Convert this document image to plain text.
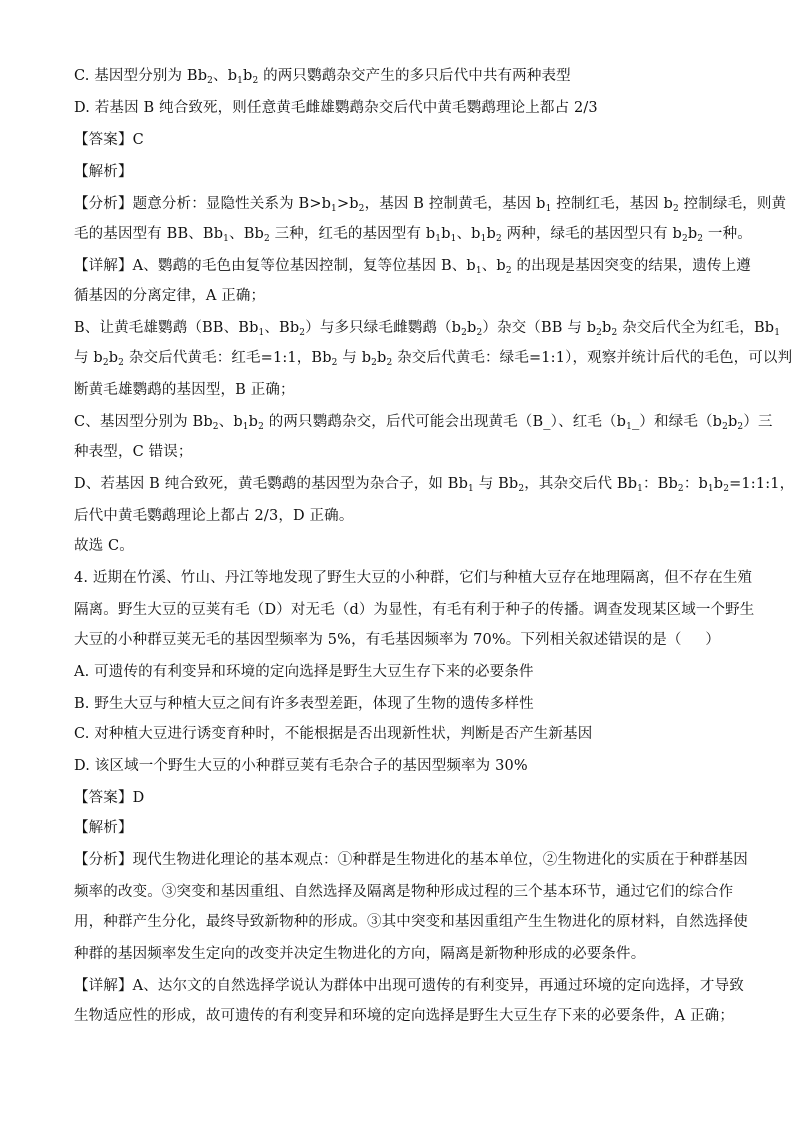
C. 基因型分别为 $Bb_2$、$b_1b_2$ 的两只鹦鹉杂交产生的多只后代中共有两种表型
D. 若基因 B 纯合致死，则任意黄毛雌雄鹦鹉杂交后代中黄毛鹦鹉理论上都占 2/3
【答案】C
【解析】
【分析】题意分析：显隐性关系为 $B>b_1>b_2$，基因 B 控制黄毛，基因 $b_1$ 控制红毛，基因 $b_2$ 控制绿毛，则黄
毛的基因型有 BB、$Bb_1$、$Bb_2$ 三种，红毛的基因型有 $b_1b_1$、$b_1b_2$ 两种，绿毛的基因型只有 $b_2b_2$ 一种。
【详解】A、鹦鹉的毛色由复等位基因控制，复等位基因 B、$b_1$、$b_2$ 的出现是基因突变的结果，遗传上遵
循基因的分离定律，A 正确；
B、让黄毛雄鹦鹉（BB、$Bb_1$、$Bb_2$）与多只绿毛雌鹦鹉$(b_2b_2)$杂交（BB 与 $b_2b_2$ 杂交后代全为红毛，$Bb_1$
与 $b_2b_2$ 杂交后代黄毛：红毛=1:1，$Bb_2$ 与 $b_2b_2$ 杂交后代黄毛：绿毛=1:1），观察并统计后代的毛色，可以判
断黄毛雄鹦鹉的基因型，B 正确；
C、基因型分别为 $Bb_2$、$b_1b_2$ 的两只鹦鹉杂交，后代可能会出现黄毛（B_）、红毛$(b_1\_)$和绿毛$(b_2b_2)$三
种表型，C 错误；
D、若基因 B 纯合致死，黄毛鹦鹉的基因型为杂合子，如 $Bb_1$ 与 $Bb_2$，其杂交后代 $Bb_1$：$Bb_2$：$b_1b_2=1:1:1$，
后代中黄毛鹦鹉理论上都占 2/3，D 正确。
故选 C。
4. 近期在竹溪、竹山、丹江等地发现了野生大豆的小种群，它们与种植大豆存在地理隔离，但不存在生殖
隔离。野生大豆的豆荚有毛（D）对无毛（d）为显性，有毛有利于种子的传播。调查发现某区域一个野生
大豆的小种群豆荚无毛的基因型频率为 5%，有毛基因频率为 70%。下列相关叙述错误的是（     ）
A. 可遗传的有利变异和环境的定向选择是野生大豆生存下来的必要条件
B. 野生大豆与种植大豆之间有许多表型差距，体现了生物的遗传多样性
C. 对种植大豆进行诱变育种时，不能根据是否出现新性状，判断是否产生新基因
D. 该区域一个野生大豆的小种群豆荚有毛杂合子的基因型频率为 30%
【答案】D
【解析】
【分析】现代生物进化理论的基本观点：①种群是生物进化的基本单位，②生物进化的实质在于种群基因
频率的改变。③突变和基因重组、自然选择及隔离是物种形成过程的三个基本环节，通过它们的综合作
用，种群产生分化，最终导致新物种的形成。③其中突变和基因重组产生生物进化的原材料，自然选择使
种群的基因频率发生定向的改变并决定生物进化的方向，隔离是新物种形成的必要条件。
【详解】A、达尔文的自然选择学说认为群体中出现可遗传的有利变异，再通过环境的定向选择，才导致
生物适应性的形成，故可遗传的有利变异和环境的定向选择是野生大豆生存下来的必要条件，A 正确；
